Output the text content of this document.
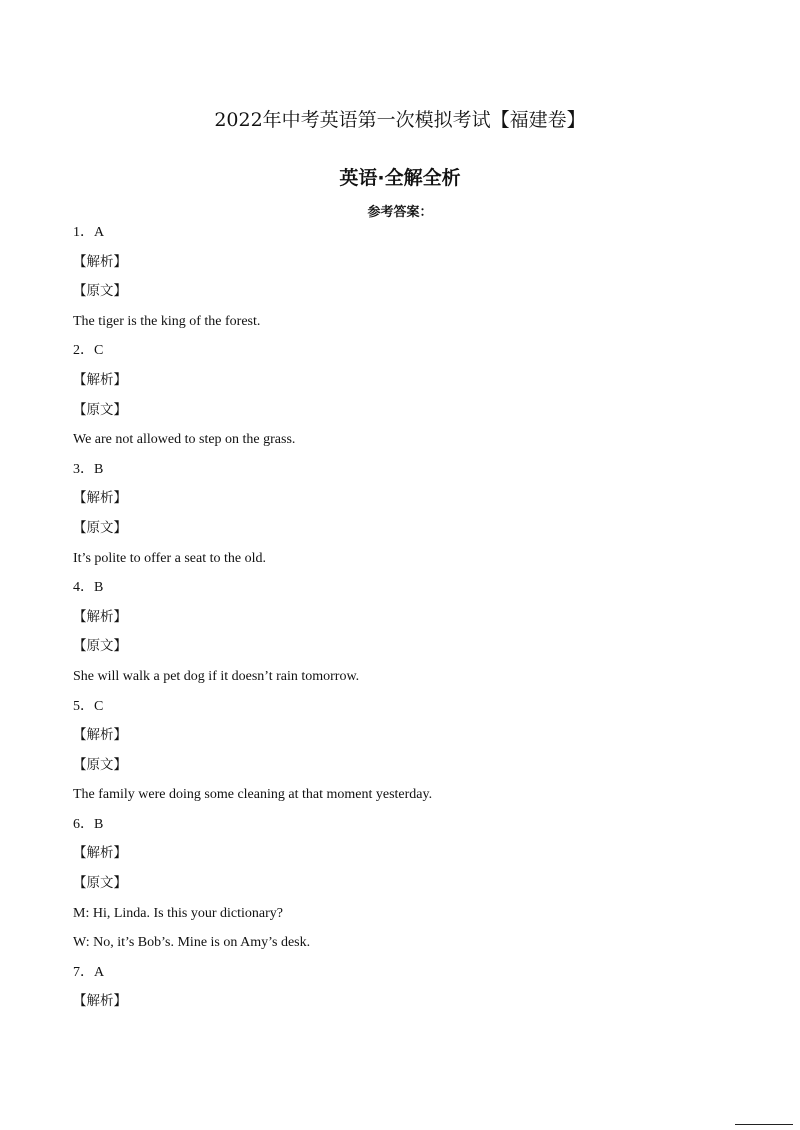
2022年中考英语第一次模拟考试【福建卷】
英语·全解全析
参考答案：
1．A
【解析】
【原文】
The tiger is the king of the forest.
2．C
【解析】
【原文】
We are not allowed to step on the grass.
3．B
【解析】
【原文】
It’s polite to offer a seat to the old.
4．B
【解析】
【原文】
She will walk a pet dog if it doesn’t rain tomorrow.
5．C
【解析】
【原文】
The family were doing some cleaning at that moment yesterday.
6．B
【解析】
【原文】
M: Hi, Linda. Is this your dictionary?
W: No, it’s Bob’s. Mine is on Amy’s desk.
7．A
【解析】
